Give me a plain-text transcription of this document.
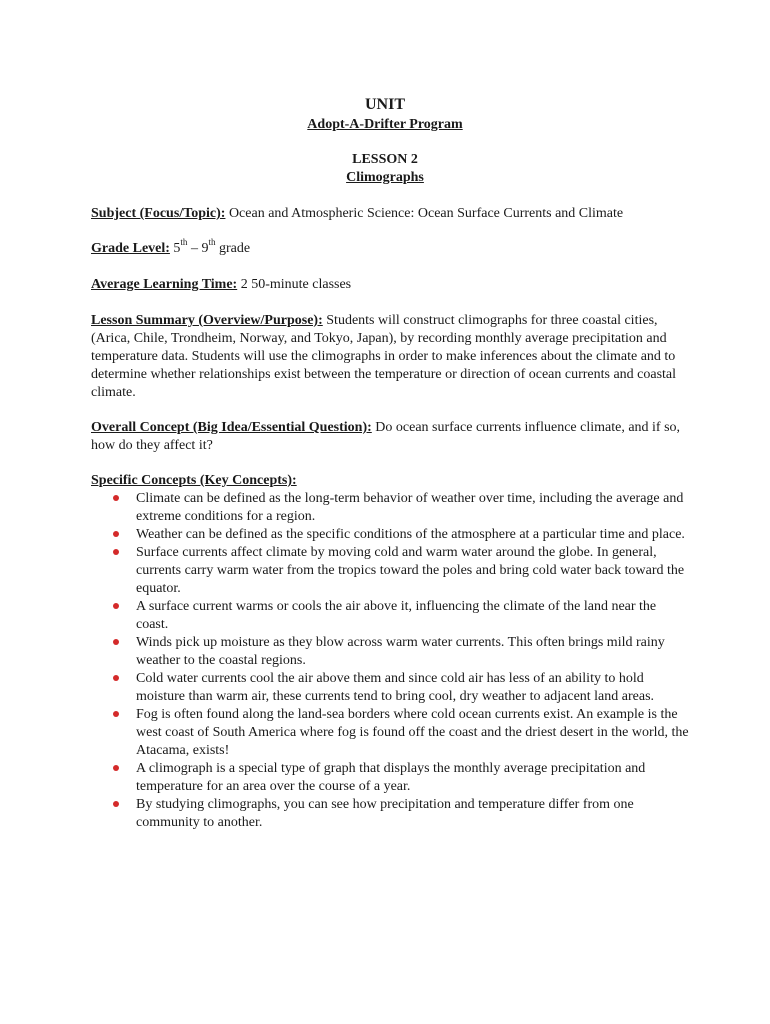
UNIT
Adopt-A-Drifter Program
LESSON 2
Climographs
Subject (Focus/Topic): Ocean and Atmospheric Science: Ocean Surface Currents and Climate
Grade Level: 5th – 9th grade
Average Learning Time: 2 50-minute classes
Lesson Summary (Overview/Purpose): Students will construct climographs for three coastal cities, (Arica, Chile, Trondheim, Norway, and Tokyo, Japan), by recording monthly average precipitation and temperature data. Students will use the climographs in order to make inferences about the climate and to determine whether relationships exist between the temperature or direction of ocean currents and coastal climate.
Overall Concept (Big Idea/Essential Question): Do ocean surface currents influence climate, and if so, how do they affect it?
Specific Concepts (Key Concepts):
Climate can be defined as the long-term behavior of weather over time, including the average and extreme conditions for a region.
Weather can be defined as the specific conditions of the atmosphere at a particular time and place.
Surface currents affect climate by moving cold and warm water around the globe. In general, currents carry warm water from the tropics toward the poles and bring cold water back toward the equator.
A surface current warms or cools the air above it, influencing the climate of the land near the coast.
Winds pick up moisture as they blow across warm water currents. This often brings mild rainy weather to the coastal regions.
Cold water currents cool the air above them and since cold air has less of an ability to hold moisture than warm air, these currents tend to bring cool, dry weather to adjacent land areas.
Fog is often found along the land-sea borders where cold ocean currents exist. An example is the west coast of South America where fog is found off the coast and the driest desert in the world, the Atacama, exists!
A climograph is a special type of graph that displays the monthly average precipitation and temperature for an area over the course of a year.
By studying climographs, you can see how precipitation and temperature differ from one community to another.
